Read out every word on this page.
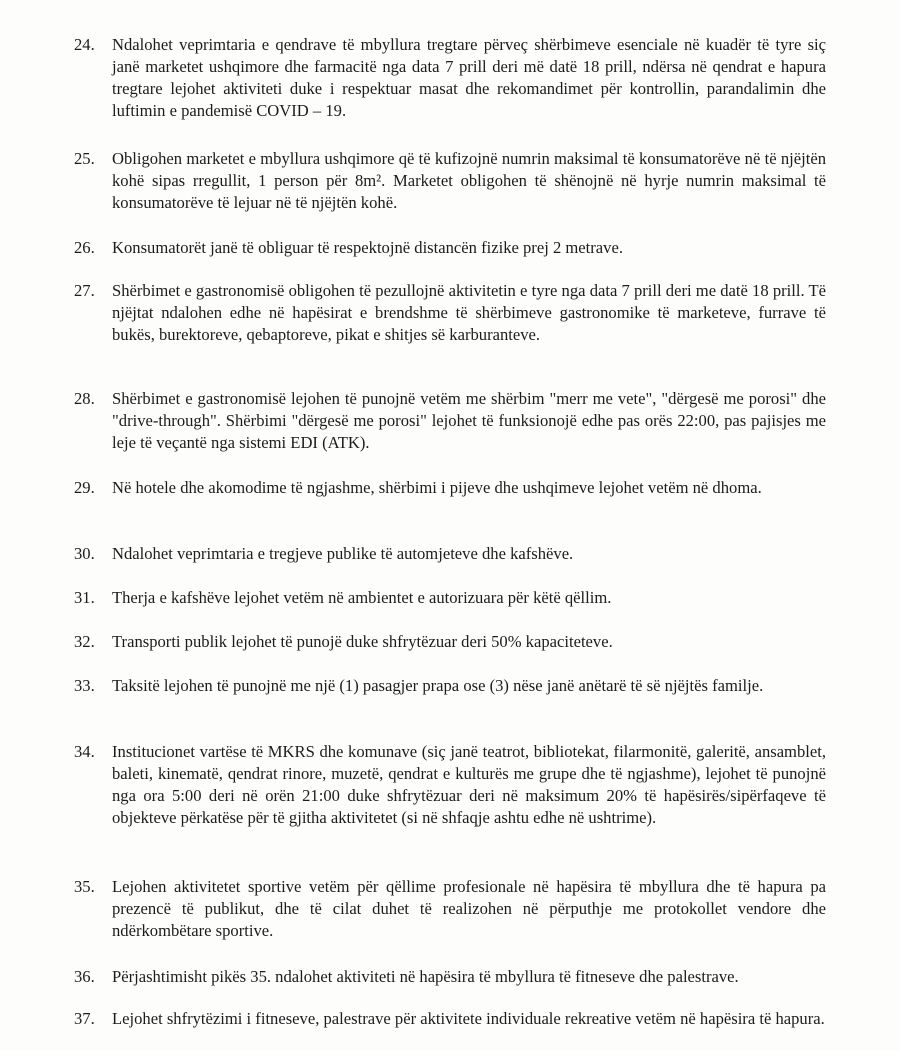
24.	Ndalohet veprimtaria e qendrave të mbyllura tregtare përveç shërbimeve esenciale në kuadër të tyre siç janë marketet ushqimore dhe farmacitë nga data 7 prill deri më datë 18 prill, ndërsa në qendrat e hapura tregtare lejohet aktiviteti duke i respektuar masat dhe rekomandimet për kontrollin, parandalimin dhe luftimin e pandemisë COVID – 19.
25.	Obligohen marketet e mbyllura ushqimore që të kufizojnë numrin maksimal të konsumatorëve në të njëjtën kohë sipas rregullit, 1 person për 8m². Marketet obligohen të shënojnë në hyrje numrin maksimal të konsumatorëve të lejuar në të njëjtën kohë.
26.	Konsumatorët janë të obliguar të respektojnë distancën fizike prej 2 metrave.
27.	Shërbimet e gastronomisë obligohen të pezullojnë aktivitetin e tyre nga data 7 prill deri me datë 18 prill. Të njëjtat ndalohen edhe në hapësirat e brendshme të shërbimeve gastronomike të marketeve, furrave të bukës, burektoreve, qebaptoreve, pikat e shitjes së karburanteve.
28.	Shërbimet e gastronomisë lejohen të punojnë vetëm me shërbim "merr me vete", "dërgesë me porosi" dhe "drive-through". Shërbimi "dërgesë me porosi" lejohet të funksionojë edhe pas orës 22:00, pas pajisjes me leje të veçantë nga sistemi EDI (ATK).
29.	Në hotele dhe akomodime të ngjashme, shërbimi i pijeve dhe ushqimeve lejohet vetëm në dhoma.
30.	Ndalohet veprimtaria e tregjeve publike të automjeteve dhe kafshëve.
31.	Therja e kafshëve lejohet vetëm në ambientet e autorizuara për këtë qëllim.
32.	Transporti publik lejohet të punojë duke shfrytëzuar deri 50% kapaciteteve.
33.	Taksitë lejohen të punojnë me një (1) pasagjer prapa ose (3) nëse janë anëtarë të së njëjtës familje.
34.	Institucionet vartëse të MKRS dhe komunave (siç janë teatrot, bibliotekat, filarmonitë, galeritë, ansamblet, baleti, kinematë, qendrat rinore, muzetë, qendrat e kulturës me grupe dhe të ngjashme), lejohet të punojnë nga ora 5:00 deri në orën 21:00 duke shfrytëzuar deri në maksimum 20% të hapësirës/sipërfaqeve të objekteve përkatëse për të gjitha aktivitetet (si në shfaqje ashtu edhe në ushtrime).
35.	Lejohen aktivitetet sportive vetëm për qëllime profesionale në hapësira të mbyllura dhe të hapura pa prezencë të publikut, dhe të cilat duhet të realizohen në përputhje me protokollet vendore dhe ndërkombëtare sportive.
36.	Përjashtimisht pikës 35. ndalohet aktiviteti në hapësira të mbyllura të fitneseve dhe palestrave.
37.	Lejohet shfrytëzimi i fitneseve, palestrave për aktivitete individuale rekreative vetëm në hapësira të hapura.
